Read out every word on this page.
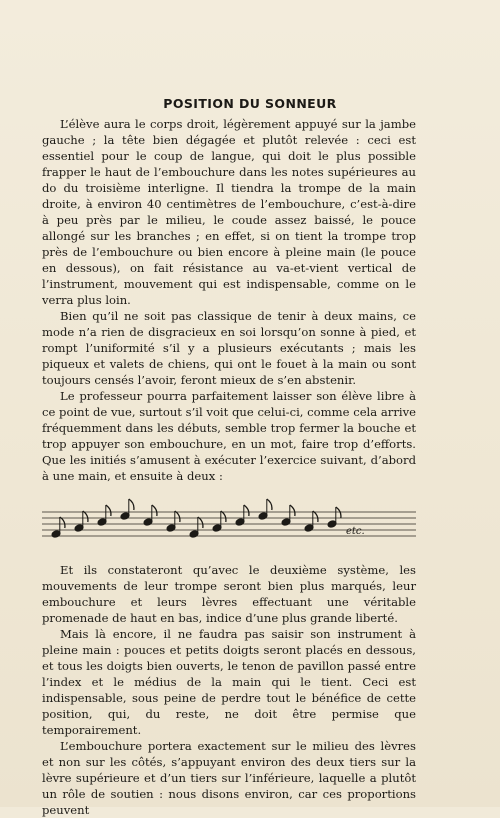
POSITION DU SONNEUR

L’élève aura le corps droit, légèrement appuyé sur la jambe gauche ; la tête bien dégagée et plutôt relevée : ceci est essentiel pour le coup de langue, qui doit le plus possible frapper le haut de l’embouchure dans les notes supérieures au do du troisième interligne. Il tiendra la trompe de la main droite, à environ 40 centimètres de l’embouchure, c’est-à-dire à peu près par le milieu, le coude assez baissé, le pouce allongé sur les branches ; en effet, si on tient la trompe trop près de l’embouchure ou bien encore à pleine main (le pouce en dessous), on fait résistance au va-et-vient vertical de l’instrument, mouvement qui est indispensable, comme on le verra plus loin.

Bien qu’il ne soit pas classique de tenir à deux mains, ce mode n’a rien de disgracieux en soi lorsqu’on sonne à pied, et rompt l’uniformité s’il y a plusieurs exécutants ; mais les piqueux et valets de chiens, qui ont le fouet à la main ou sont toujours censés l’avoir, feront mieux de s’en abstenir.

Le professeur pourra parfaitement laisser son élève libre à ce point de vue, surtout s’il voit que celui-ci, comme cela arrive fréquemment dans les débuts, semble trop fermer la bouche et trop appuyer son embouchure, en un mot, faire trop d’efforts. Que les initiés s’amusent à exécuter l’exercice suivant, d’abord à une main, et ensuite à deux :

etc.

Et ils constateront qu’avec le deuxième système, les mouvements de leur trompe seront bien plus marqués, leur embouchure et leurs lèvres effectuant une véritable promenade de haut en bas, indice d’une plus grande liberté.

Mais là encore, il ne faudra pas saisir son instrument à pleine main : pouces et petits doigts seront placés en dessous, et tous les doigts bien ouverts, le tenon de pavillon passé entre l’index et le médius de la main qui le tient. Ceci est indispensable, sous peine de perdre tout le bénéfice de cette position, qui, du reste, ne doit être permise que temporairement.

L’embouchure portera exactement sur le milieu des lèvres et non sur les côtés, s’appuyant environ des deux tiers sur la lèvre supérieure et d’un tiers sur l’inférieure, laquelle a plutôt un rôle de soutien : nous disons environ, car ces proportions peuvent
